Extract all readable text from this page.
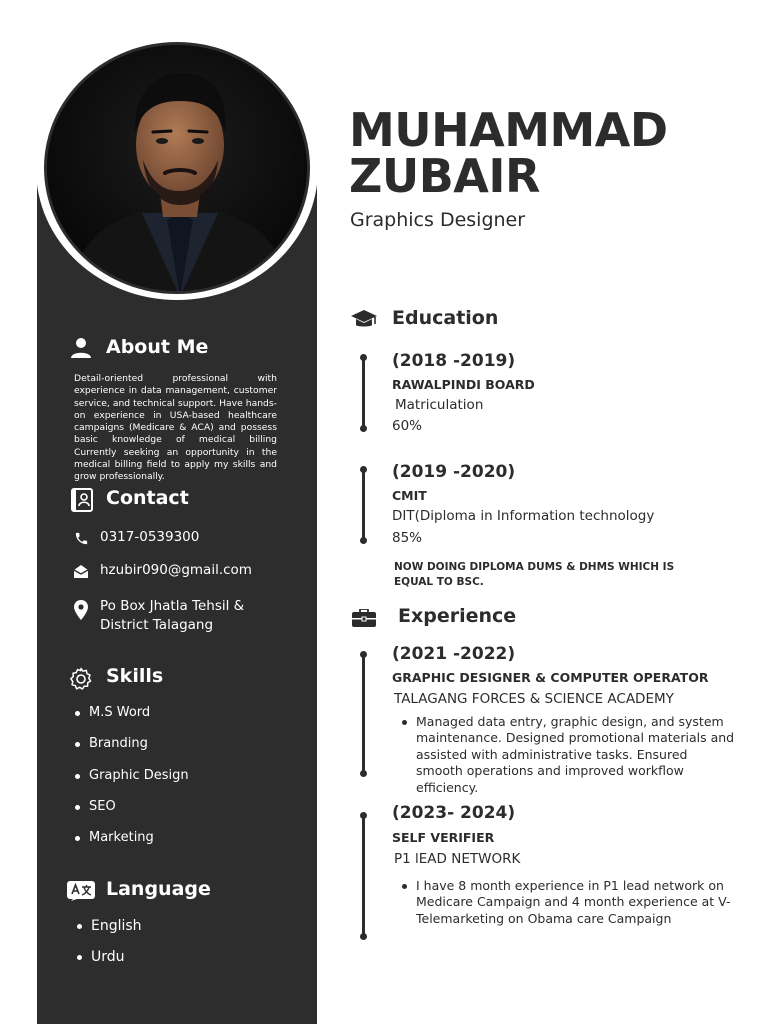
About Me
Detail-oriented professional with experience in data management, customer service, and technical support. Have hands-on experience in USA-based healthcare campaigns (Medicare & ACA) and possess basic knowledge of medical billing Currently seeking an opportunity in the medical billing field to apply my skills and grow professionally.
Contact
0317-0539300
hzubir090@gmail.com
Po Box Jhatla Tehsil &
District Talagang
Skills
M.S Word
Branding
Graphic Design
SEO
Marketing
Language
English
Urdu
MUHAMMAD
ZUBAIR
Graphics Designer
Education
(2018 -2019)
RAWALPINDI BOARD
Matriculation
60%
(2019 -2020)
CMIT
DIT(Diploma in Information technology
85%
NOW DOING DIPLOMA DUMS & DHMS WHICH IS EQUAL TO BSC.
Experience
(2021 -2022)
GRAPHIC DESIGNER & COMPUTER OPERATOR
TALAGANG FORCES & SCIENCE ACADEMY
Managed data entry, graphic design, and system maintenance. Designed promotional materials and assisted with administrative tasks. Ensured smooth operations and improved workflow efficiency.
(2023- 2024)
SELF VERIFIER
P1 lEAD NETWORK
I have 8 month experience in P1 lead network on Medicare Campaign and 4 month experience at V-Telemarketing on Obama care Campaign
